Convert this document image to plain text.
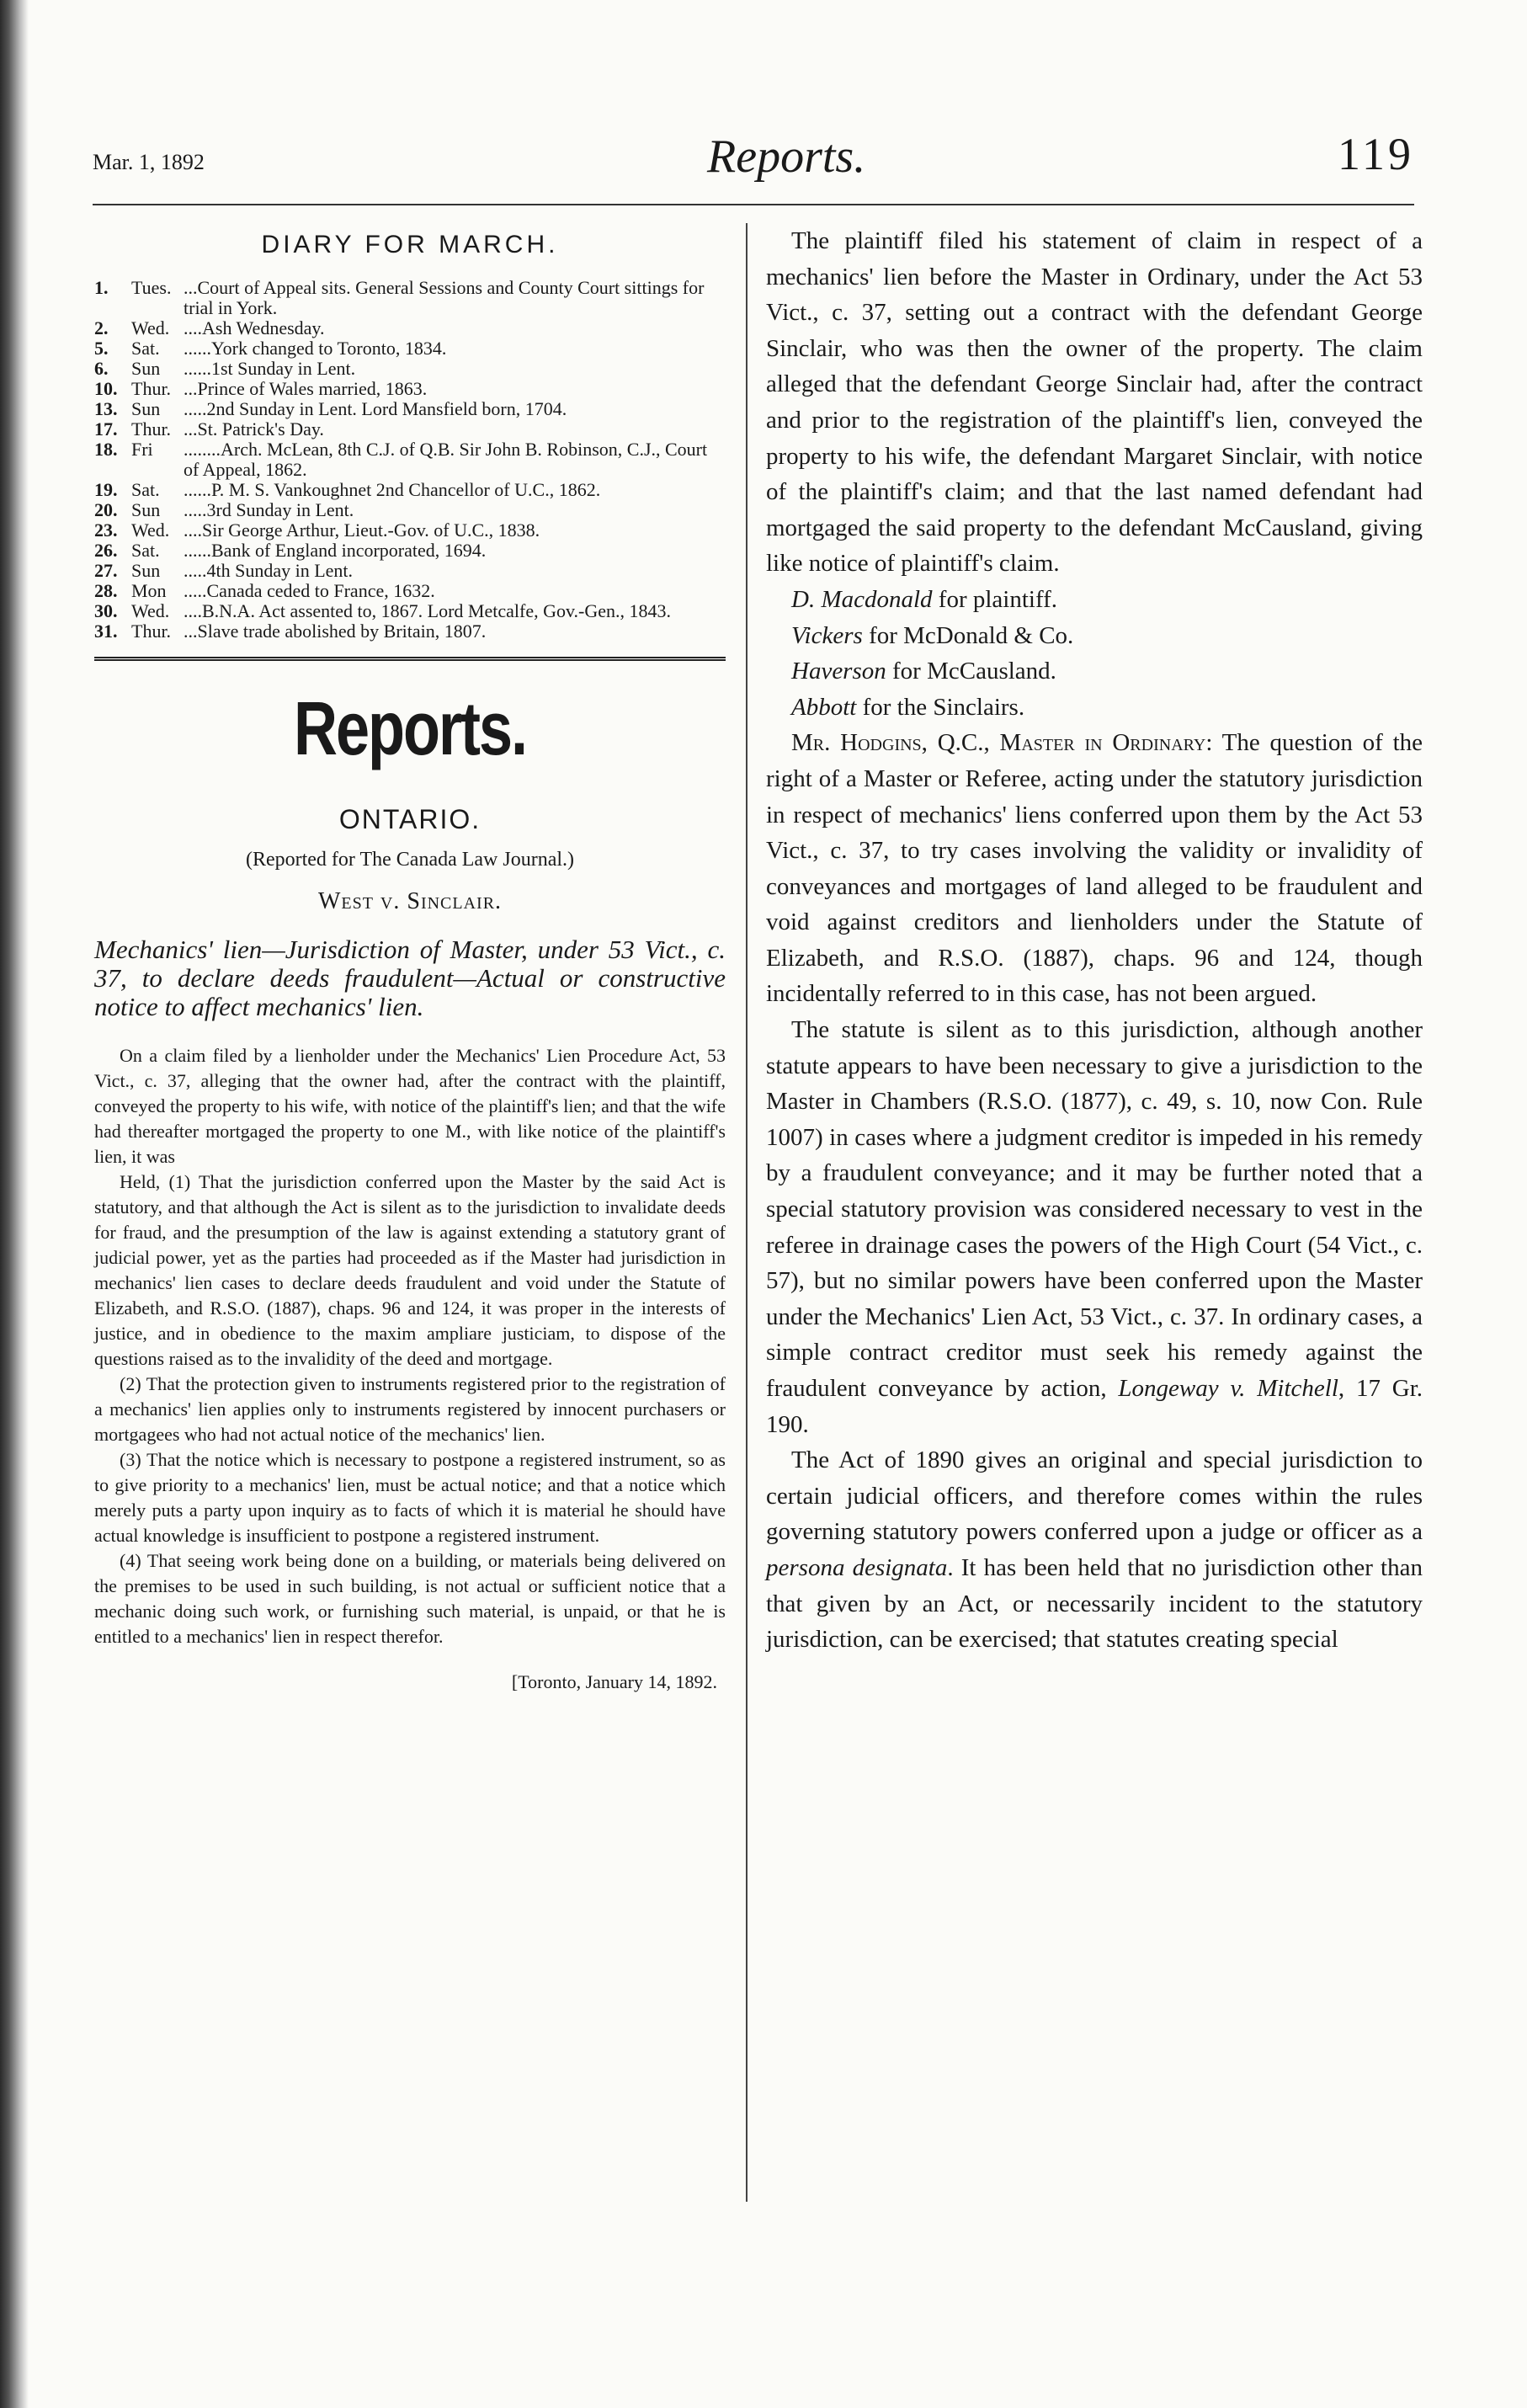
Mar. 1, 1892	Reports.	119
DIARY FOR MARCH.
1.	Tues. ...Court of Appeal sits. General Sessions and County Court sittings for trial in York.
2.	Wed. ....Ash Wednesday.
5.	Sat.	......York changed to Toronto, 1834.
6.	Sun	......1st Sunday in Lent.
10. Thur. ...Prince of Wales married, 1863.
13. Sun	.....2nd Sunday in Lent. Lord Mansfield born, 1704.
17. Thur. ...St. Patrick's Day.
18. Fri	........Arch. McLean, 8th C.J. of Q.B. Sir John B. Robinson, C.J., Court of Appeal, 1862.
19. Sat.	......P. M. S. Vankoughnet 2nd Chancellor of U.C., 1862.
20. Sun	.....3rd Sunday in Lent.
23. Wed. ....Sir George Arthur, Lieut.-Gov. of U.C., 1838.
26. Sat.	......Bank of England incorporated, 1694.
27. Sun	.....4th Sunday in Lent.
28. Mon .....Canada ceded to France, 1632.
30. Wed. ....B.N.A. Act assented to, 1867. Lord Metcalfe, Gov.-Gen., 1843.
31. Thur. ...Slave trade abolished by Britain, 1807.
Reports.
ONTARIO.
(Reported for The Canada Law Journal.)
West v. Sinclair.
Mechanics' lien—Jurisdiction of Master, under 53 Vict., c. 37, to declare deeds fraudulent—Actual or constructive notice to affect mechanics' lien.

On a claim filed by a lienholder under the Mechanics' Lien Procedure Act, 53 Vict., c. 37, alleging that the owner had, after the contract with the plaintiff, conveyed the property to his wife, with notice of the plaintiff's lien; and that the wife had thereafter mortgaged the property to one M., with like notice of the plaintiff's lien, it was

Held, (1) That the jurisdiction conferred upon the Master by the said Act is statutory, and that although the Act is silent as to the jurisdiction to invalidate deeds for fraud, and the presumption of the law is against extending a statutory grant of judicial power, yet as the parties had proceeded as if the Master had jurisdiction in mechanics' lien cases to declare deeds fraudulent and void under the Statute of Elizabeth, and R.S.O. (1887), chaps. 96 and 124, it was proper in the interests of justice, and in obedience to the maxim ampliare justiciam, to dispose of the questions raised as to the invalidity of the deed and mortgage.

(2) That the protection given to instruments registered prior to the registration of a mechanics' lien applies only to instruments registered by innocent purchasers or mortgagees who had not actual notice of the mechanics' lien.

(3) That the notice which is necessary to postpone a registered instrument, so as to give priority to a mechanics' lien, must be actual notice; and that a notice which merely puts a party upon inquiry as to facts of which it is material he should have actual knowledge is insufficient to postpone a registered instrument.

(4) That seeing work being done on a building, or materials being delivered on the premises to be used in such building, is not actual or sufficient notice that a mechanic doing such work, or furnishing such material, is unpaid, or that he is entitled to a mechanics' lien in respect therefor.

[Toronto, January 14, 1892.

The plaintiff filed his statement of claim in respect of a mechanics' lien before the Master in Ordinary, under the Act 53 Vict., c. 37, setting out a contract with the defendant George Sinclair, who was then the owner of the property. The claim alleged that the defendant George Sinclair had, after the contract and prior to the registration of the plaintiff's lien, conveyed the property to his wife, the defendant Margaret Sinclair, with notice of the plaintiff's claim; and that the last named defendant had mortgaged the said property to the defendant McCausland, giving like notice of plaintiff's claim.

D. Macdonald for plaintiff.

Vickers for McDonald & Co.

Haverson for McCausland.

Abbott for the Sinclairs.

Mr. Hodgins, Q.C., Master in Ordinary: The question of the right of a Master or Referee, acting under the statutory jurisdiction in respect of mechanics' liens conferred upon them by the Act 53 Vict., c. 37, to try cases involving the validity or invalidity of conveyances and mortgages of land alleged to be fraudulent and void against creditors and lienholders under the Statute of Elizabeth, and R.S.O. (1887), chaps. 96 and 124, though incidentally referred to in this case, has not been argued.

The statute is silent as to this jurisdiction, although another statute appears to have been necessary to give a jurisdiction to the Master in Chambers (R.S.O. (1877), c. 49, s. 10, now Con. Rule 1007) in cases where a judgment creditor is impeded in his remedy by a fraudulent conveyance; and it may be further noted that a special statutory provision was considered necessary to vest in the referee in drainage cases the powers of the High Court (54 Vict., c. 57), but no similar powers have been conferred upon the Master under the Mechanics' Lien Act, 53 Vict., c. 37. In ordinary cases, a simple contract creditor must seek his remedy against the fraudulent conveyance by action, Longeway v. Mitchell, 17 Gr. 190.

The Act of 1890 gives an original and special jurisdiction to certain judicial officers, and therefore comes within the rules governing statutory powers conferred upon a judge or officer as a persona designata. It has been held that no jurisdiction other than that given by an Act, or necessarily incident to the statutory jurisdiction, can be exercised; that statutes creating special
